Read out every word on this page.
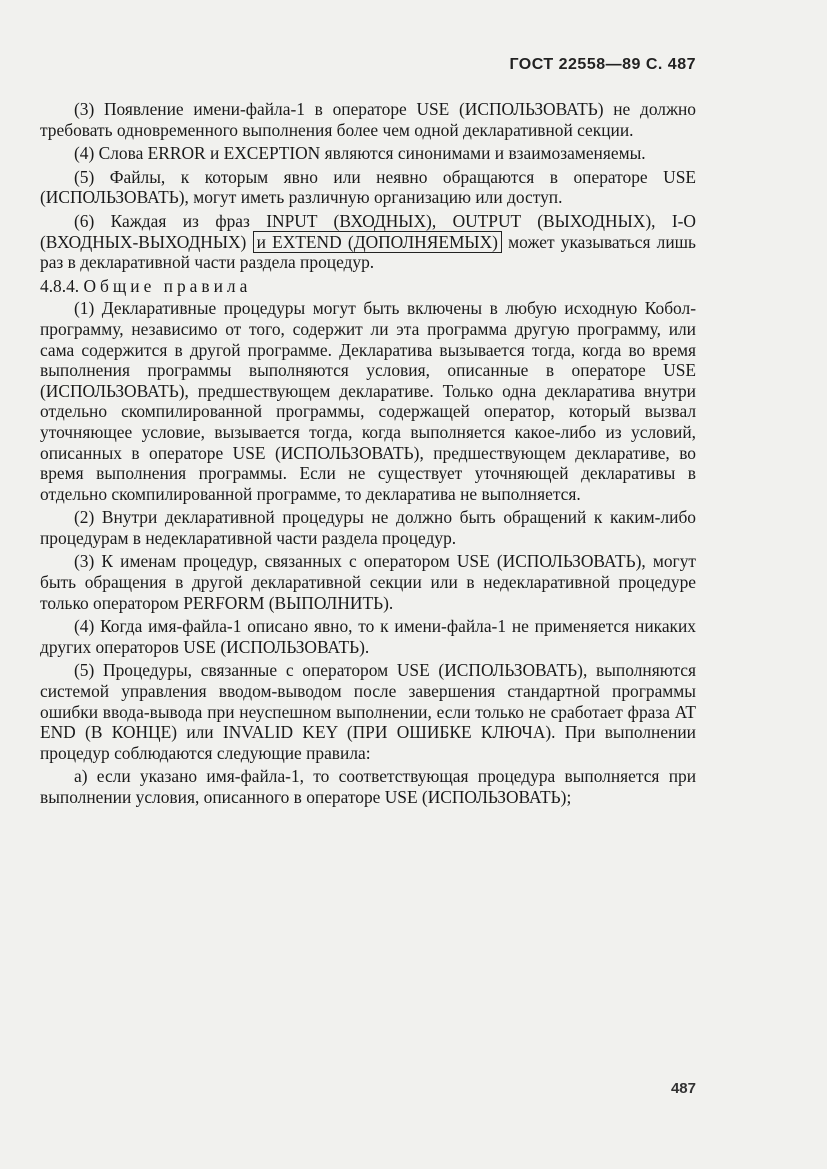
ГОСТ 22558—89 С. 487

(3) Появление имени-файла-1 в операторе USE (ИСПОЛЬЗОВАТЬ) не должно требовать одновременного выполнения более чем одной декларативной секции.

(4) Слова ERROR и EXCEPTION являются синонимами и взаимозаменяемы.

(5) Файлы, к которым явно или неявно обращаются в операторе USE (ИСПОЛЬЗОВАТЬ), могут иметь различную организацию или доступ.

(6) Каждая из фраз INPUT (ВХОДНЫХ), OUTPUT (ВЫХОДНЫХ), I-O (ВХОДНЫХ-ВЫХОДНЫХ) и EXTEND (ДОПОЛНЯЕМЫХ) может указываться лишь раз в декларативной части раздела процедур.

4.8.4. Общие правила

(1) Декларативные процедуры могут быть включены в любую исходную Кобол-программу, независимо от того, содержит ли эта программа другую программу, или сама содержится в другой программе. Декларатива вызывается тогда, когда во время выполнения программы выполняются условия, описанные в операторе USE (ИСПОЛЬЗОВАТЬ), предшествующем декларативе. Только одна декларатива внутри отдельно скомпилированной программы, содержащей оператор, который вызвал уточняющее условие, вызывается тогда, когда выполняется какое-либо из условий, описанных в операторе USE (ИСПОЛЬЗОВАТЬ), предшествующем декларативе, во время выполнения программы. Если не существует уточняющей декларативы в отдельно скомпилированной программе, то декларатива не выполняется.

(2) Внутри декларативной процедуры не должно быть обращений к каким-либо процедурам в недекларативной части раздела процедур.

(3) К именам процедур, связанных с оператором USE (ИСПОЛЬЗОВАТЬ), могут быть обращения в другой декларативной секции или в недекларативной процедуре только оператором PERFORM (ВЫПОЛНИТЬ).

(4) Когда имя-файла-1 описано явно, то к имени-файла-1 не применяется никаких других операторов USE (ИСПОЛЬЗОВАТЬ).

(5) Процедуры, связанные с оператором USE (ИСПОЛЬЗОВАТЬ), выполняются системой управления вводом-выводом после завершения стандартной программы ошибки ввода-вывода при неуспешном выполнении, если только не сработает фраза AT END (В КОНЦЕ) или INVALID KEY (ПРИ ОШИБКЕ КЛЮЧА). При выполнении процедур соблюдаются следующие правила:

а) если указано имя-файла-1, то соответствующая процедура выполняется при выполнении условия, описанного в операторе USE (ИСПОЛЬЗОВАТЬ);

487
